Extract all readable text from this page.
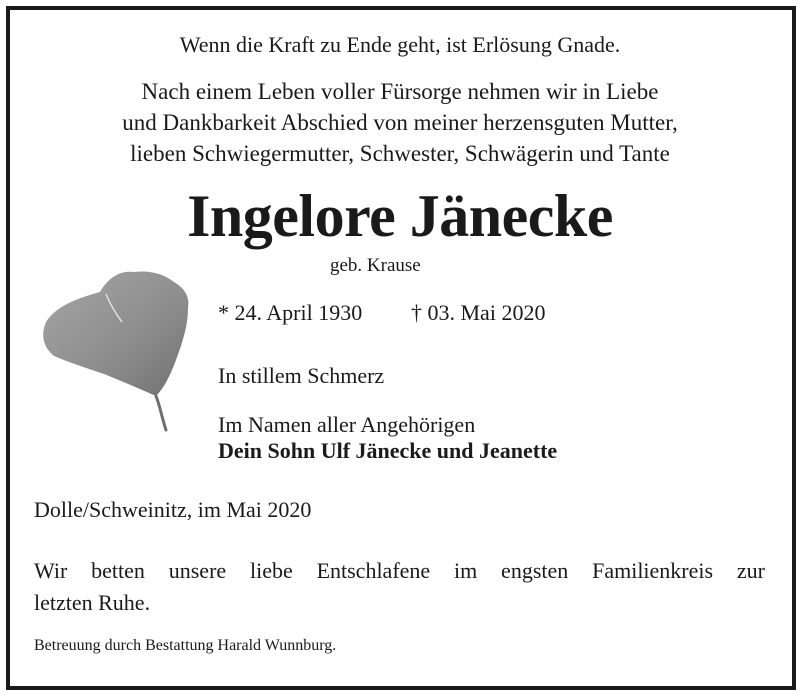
Wenn die Kraft zu Ende geht, ist Erlösung Gnade.
Nach einem Leben voller Fürsorge nehmen wir in Liebe
und Dankbarkeit Abschied von meiner herzensguten Mutter,
lieben Schwiegermutter, Schwester, Schwägerin und Tante
Ingelore Jänecke
geb. Krause
* 24. April 1930 † 03. Mai 2020
In stillem Schmerz
Im Namen aller Angehörigen
Dein Sohn Ulf Jänecke und Jeanette
Dolle/Schweinitz, im Mai 2020
Wir betten unsere liebe Entschlafene im engsten Familienkreis zur
letzten Ruhe.
Betreuung durch Bestattung Harald Wunnburg.
